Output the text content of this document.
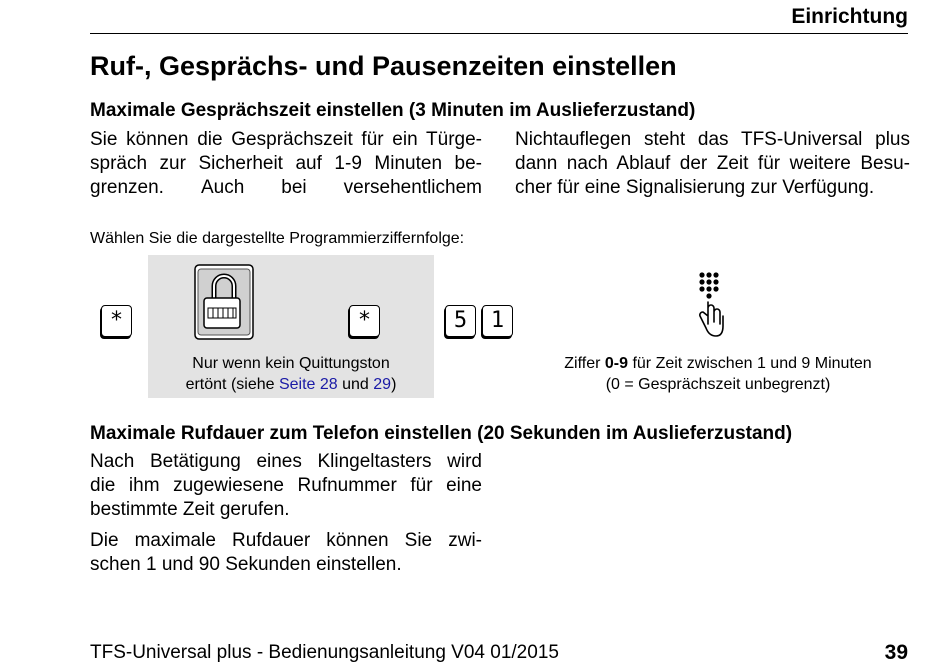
Einrichtung
Ruf-, Gesprächs- und Pausenzeiten einstellen
Maximale Gesprächszeit einstellen (3 Minuten im Auslieferzustand)
Sie können die Gesprächszeit für ein Türge-
spräch zur Sicherheit auf 1-9 Minuten be-
grenzen. Auch bei versehentlichem
Nichtauflegen steht das TFS-Universal plus
dann nach Ablauf der Zeit für weitere Besu-
cher für eine Signalisierung zur Verfügung.
Wählen Sie die dargestellte Programmierziffernfolge:
*	*
Nur wenn kein Quittungston
ertönt (siehe Seite 28 und 29)
5 1
Ziffer 0-9 für Zeit zwischen 1 und 9 Minuten
(0 = Gesprächszeit unbegrenzt)
Maximale Rufdauer zum Telefon einstellen (20 Sekunden im Auslieferzustand)
Nach Betätigung eines Klingeltasters wird
die ihm zugewiesene Rufnummer für eine
bestimmte Zeit gerufen.
Die maximale Rufdauer können Sie zwi-
schen 1 und 90 Sekunden einstellen.
TFS-Universal plus - Bedienungsanleitung V04 01/2015	39
